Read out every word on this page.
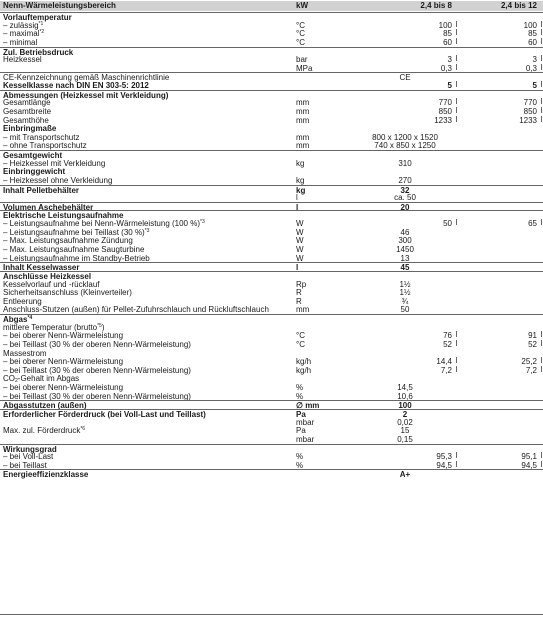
Nenn-Wärmeleistungsbereich	kW	2,4 bis 8	2,4 bis 12
Vorlauftemperatur
– zulässig$^{*1}$	°C	100	100
– maximal$^{*2}$	°C	85	85
– minimal	°C	60	60
Zul. Betriebsdruck
Heizkessel	bar	3	3
MPa	0,3	0,3
CE-Kennzeichnung gemäß Maschinenrichtlinie	CE
Kesselklasse nach DIN EN 303-5: 2012	5	5
Abmessungen (Heizkessel mit Verkleidung)
Gesamtlänge	mm	770	770
Gesamtbreite	mm	850	850
Gesamthöhe	mm	1233	1233
Einbringmaße
– mit Transportschutz	mm	800 x 1200 x 1520
– ohne Transportschutz	mm	740 x 850 x 1250
Gesamtgewicht
– Heizkessel mit Verkleidung	kg	310
Einbringgewicht
– Heizkessel ohne Verkleidung	kg	270
Inhalt Pelletbehälter	kg	32
l	ca. 50
Volumen Aschebehälter	l	20
Elektrische Leistungsaufnahme
– Leistungsaufnahme bei Nenn-Wärmeleistung (100 %)$^{*3}$	W	50	65
– Leistungsaufnahme bei Teillast (30 %)$^{*3}$	W	46
– Max. Leistungsaufnahme Zündung	W	300
– Max. Leistungsaufnahme Saugturbine	W	1450
– Leistungsaufnahme im Standby-Betrieb	W	13
Inhalt Kesselwasser	l	45
Anschlüsse Heizkessel
Kesselvorlauf und -rücklauf	Rp	1½
Sicherheitsanschluss (Kleinverteiler)	R	1½
Entleerung	R	¾
Anschluss-Stutzen (außen) für Pellet-Zufuhrschlauch und Rückluftschlauch	mm	50
Abgas$^{*4}$
mittlere Temperatur (brutto$^{*5}$)
– bei oberer Nenn-Wärmeleistung	°C	76	91
– bei Teillast (30 % der oberen Nenn-Wärmeleistung)	°C	52	52
Massestrom
– bei oberer Nenn-Wärmeleistung	kg/h	14,4	25,2
– bei Teillast (30 % der oberen Nenn-Wärmeleistung)	kg/h	7,2	7,2
$CO_2$-Gehalt im Abgas
– bei oberer Nenn-Wärmeleistung	%	14,5
– bei Teillast (30 % der oberen Nenn-Wärmeleistung)	%	10,6
Abgasstutzen (außen)	∅ mm	100
Erforderlicher Förderdruck (bei Voll-Last und Teillast)	Pa	2
mbar	0,02
Max. zul. Förderdruck$^{*6}$	Pa	15
mbar	0,15
Wirkungsgrad
– bei Voll-Last	%	95,3	95,1
– bei Teillast	%	94,5	94,5
Energieeffizienzklasse	A+
